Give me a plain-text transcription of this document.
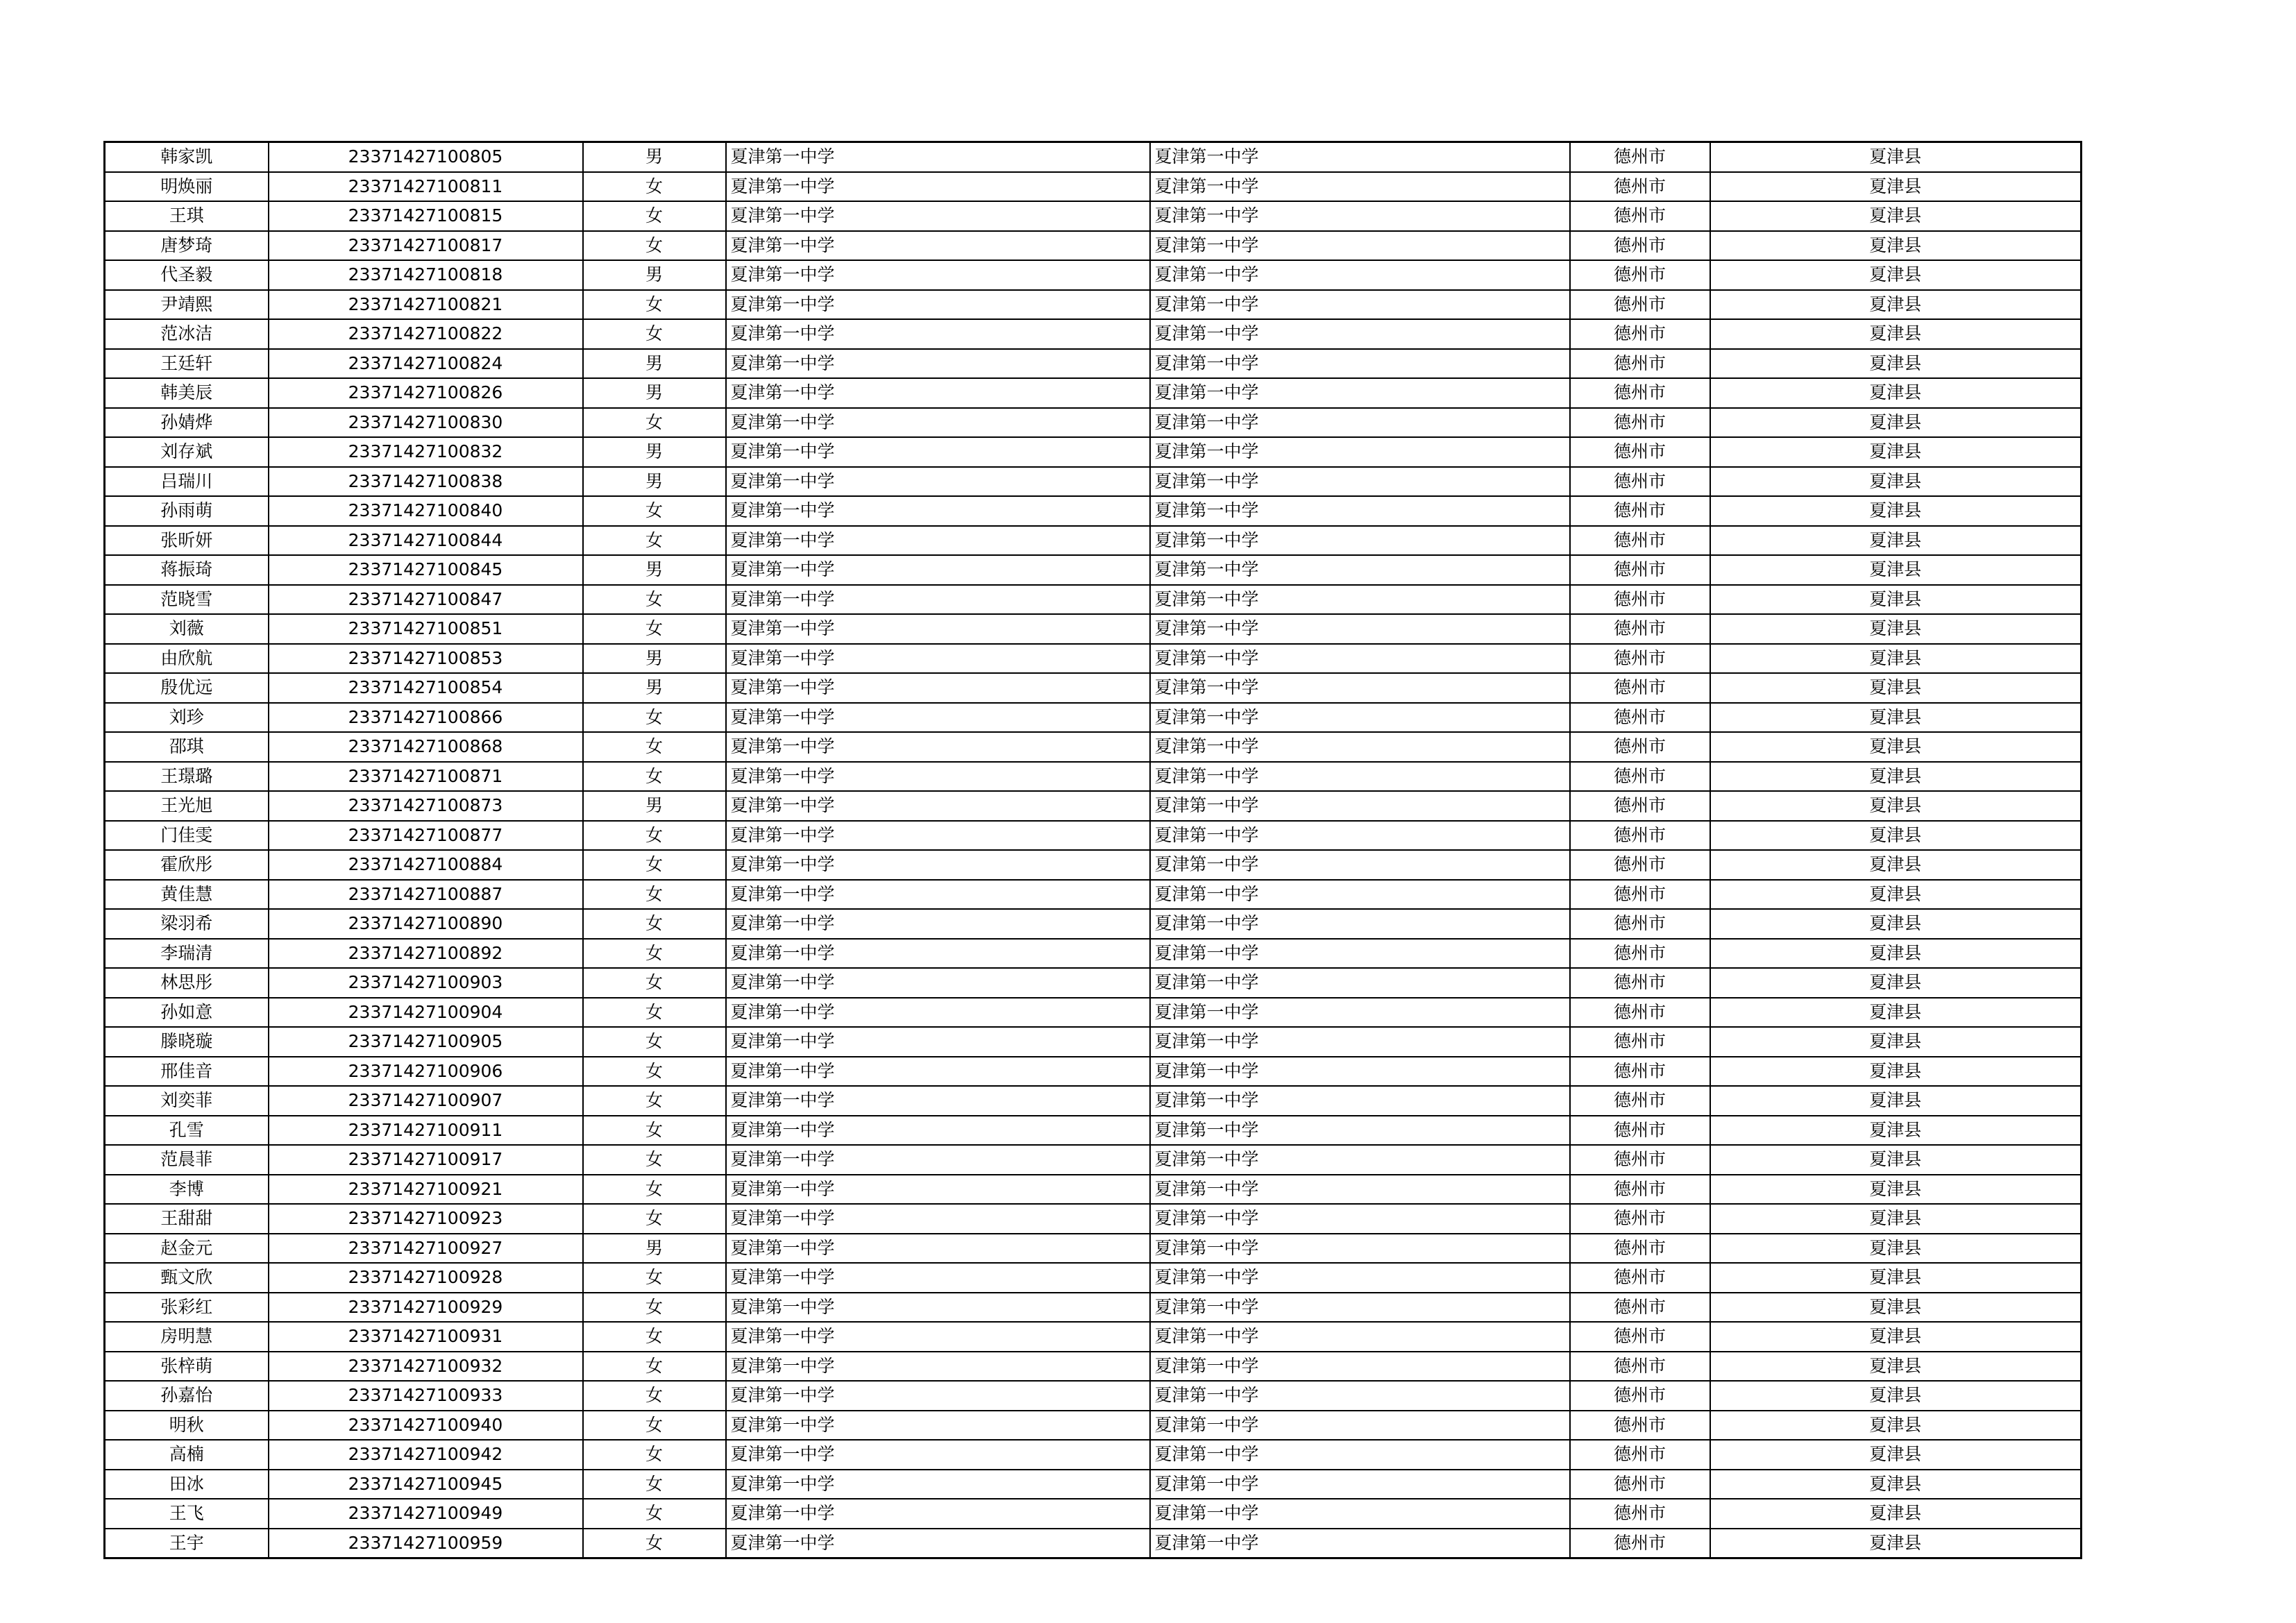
韩家凯	23371427100805	男	夏津第一中学	夏津第一中学	德州市	夏津县
明焕丽	23371427100811	女	夏津第一中学	夏津第一中学	德州市	夏津县
王琪	23371427100815	女	夏津第一中学	夏津第一中学	德州市	夏津县
唐梦琦	23371427100817	女	夏津第一中学	夏津第一中学	德州市	夏津县
代圣毅	23371427100818	男	夏津第一中学	夏津第一中学	德州市	夏津县
尹靖熙	23371427100821	女	夏津第一中学	夏津第一中学	德州市	夏津县
范冰洁	23371427100822	女	夏津第一中学	夏津第一中学	德州市	夏津县
王廷轩	23371427100824	男	夏津第一中学	夏津第一中学	德州市	夏津县
韩美辰	23371427100826	男	夏津第一中学	夏津第一中学	德州市	夏津县
孙婧烨	23371427100830	女	夏津第一中学	夏津第一中学	德州市	夏津县
刘存斌	23371427100832	男	夏津第一中学	夏津第一中学	德州市	夏津县
吕瑞川	23371427100838	男	夏津第一中学	夏津第一中学	德州市	夏津县
孙雨萌	23371427100840	女	夏津第一中学	夏津第一中学	德州市	夏津县
张昕妍	23371427100844	女	夏津第一中学	夏津第一中学	德州市	夏津县
蒋振琦	23371427100845	男	夏津第一中学	夏津第一中学	德州市	夏津县
范晓雪	23371427100847	女	夏津第一中学	夏津第一中学	德州市	夏津县
刘薇	23371427100851	女	夏津第一中学	夏津第一中学	德州市	夏津县
由欣航	23371427100853	男	夏津第一中学	夏津第一中学	德州市	夏津县
殷优远	23371427100854	男	夏津第一中学	夏津第一中学	德州市	夏津县
刘珍	23371427100866	女	夏津第一中学	夏津第一中学	德州市	夏津县
邵琪	23371427100868	女	夏津第一中学	夏津第一中学	德州市	夏津县
王璟璐	23371427100871	女	夏津第一中学	夏津第一中学	德州市	夏津县
王光旭	23371427100873	男	夏津第一中学	夏津第一中学	德州市	夏津县
门佳雯	23371427100877	女	夏津第一中学	夏津第一中学	德州市	夏津县
霍欣彤	23371427100884	女	夏津第一中学	夏津第一中学	德州市	夏津县
黄佳慧	23371427100887	女	夏津第一中学	夏津第一中学	德州市	夏津县
梁羽希	23371427100890	女	夏津第一中学	夏津第一中学	德州市	夏津县
李瑞清	23371427100892	女	夏津第一中学	夏津第一中学	德州市	夏津县
林思彤	23371427100903	女	夏津第一中学	夏津第一中学	德州市	夏津县
孙如意	23371427100904	女	夏津第一中学	夏津第一中学	德州市	夏津县
滕晓璇	23371427100905	女	夏津第一中学	夏津第一中学	德州市	夏津县
邢佳音	23371427100906	女	夏津第一中学	夏津第一中学	德州市	夏津县
刘奕菲	23371427100907	女	夏津第一中学	夏津第一中学	德州市	夏津县
孔雪	23371427100911	女	夏津第一中学	夏津第一中学	德州市	夏津县
范晨菲	23371427100917	女	夏津第一中学	夏津第一中学	德州市	夏津县
李博	23371427100921	女	夏津第一中学	夏津第一中学	德州市	夏津县
王甜甜	23371427100923	女	夏津第一中学	夏津第一中学	德州市	夏津县
赵金元	23371427100927	男	夏津第一中学	夏津第一中学	德州市	夏津县
甄文欣	23371427100928	女	夏津第一中学	夏津第一中学	德州市	夏津县
张彩红	23371427100929	女	夏津第一中学	夏津第一中学	德州市	夏津县
房明慧	23371427100931	女	夏津第一中学	夏津第一中学	德州市	夏津县
张梓萌	23371427100932	女	夏津第一中学	夏津第一中学	德州市	夏津县
孙嘉怡	23371427100933	女	夏津第一中学	夏津第一中学	德州市	夏津县
明秋	23371427100940	女	夏津第一中学	夏津第一中学	德州市	夏津县
高楠	23371427100942	女	夏津第一中学	夏津第一中学	德州市	夏津县
田冰	23371427100945	女	夏津第一中学	夏津第一中学	德州市	夏津县
王飞	23371427100949	女	夏津第一中学	夏津第一中学	德州市	夏津县
王宇	23371427100959	女	夏津第一中学	夏津第一中学	德州市	夏津县
